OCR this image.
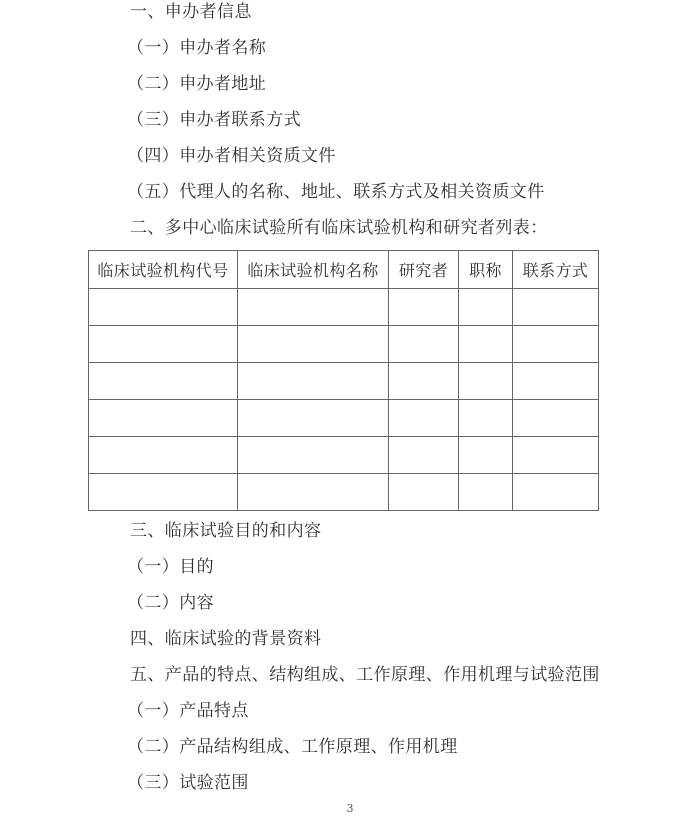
一、申办者信息
（一）申办者名称
（二）申办者地址
（三）申办者联系方式
（四）申办者相关资质文件
（五）代理人的名称、地址、联系方式及相关资质文件
二、多中心临床试验所有临床试验机构和研究者列表：
三、临床试验目的和内容
（一）目的
（二）内容
四、临床试验的背景资料
五、产品的特点、结构组成、工作原理、作用机理与试验范围
（一）产品特点
（二）产品结构组成、工作原理、作用机理
（三）试验范围
临床试验机构代号	临床试验机构名称	研究者	职称	联系方式

3
